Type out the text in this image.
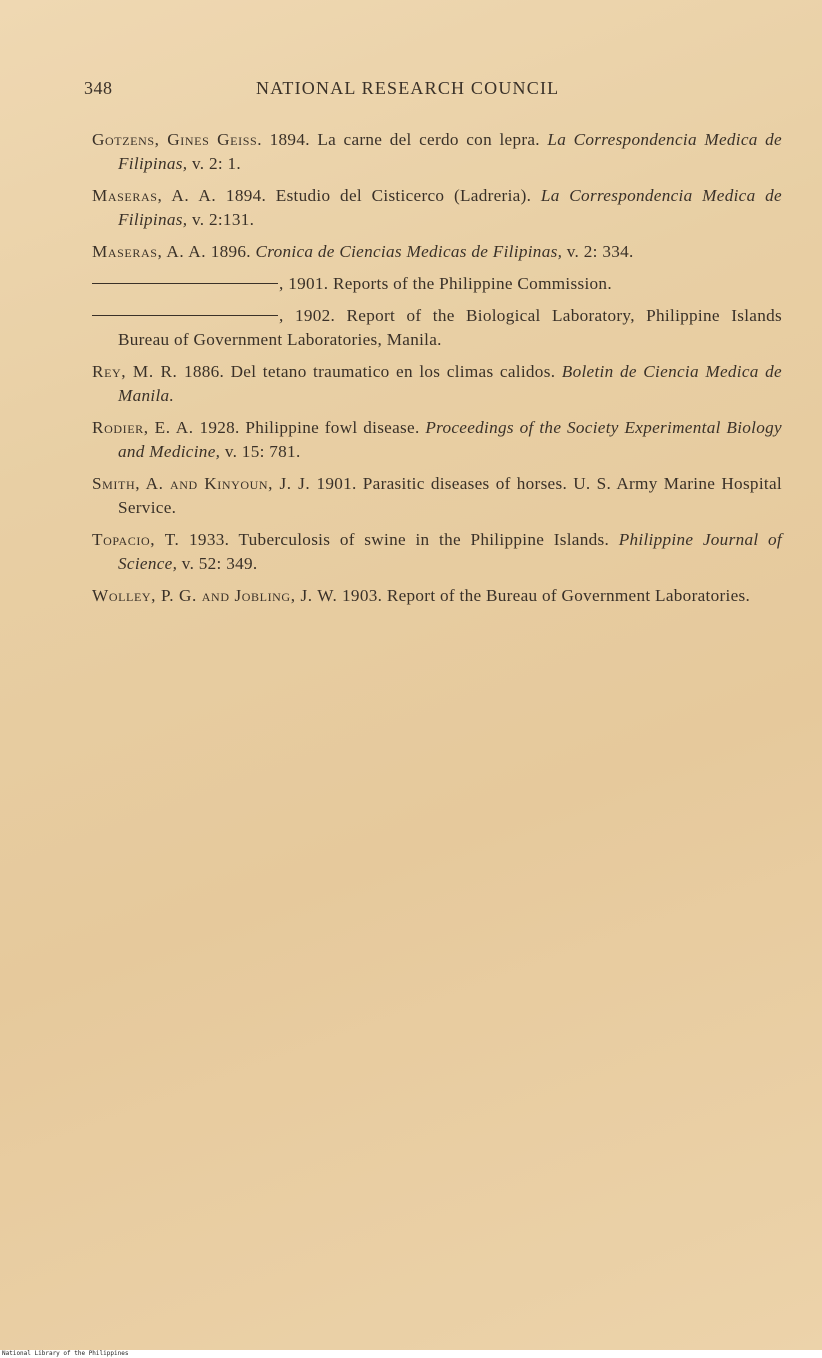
348	NATIONAL RESEARCH COUNCIL

Gotzens, Gines Geiss. 1894. La carne del cerdo con lepra. La Correspondencia Medica de Filipinas, v. 2: 1.

Maseras, A. A. 1894. Estudio del Cisticerco (Ladreria). La Correspondencia Medica de Filipinas, v. 2:131.

Maseras, A. A. 1896. Cronica de Ciencias Medicas de Filipinas, v. 2: 334.

, 1901. Reports of the Philippine Commission.

, 1902. Report of the Biological Laboratory, Philippine Islands Bureau of Government Laboratories, Manila.

Rey, M. R. 1886. Del tetano traumatico en los climas calidos. Boletin de Ciencia Medica de Manila.

Rodier, E. A. 1928. Philippine fowl disease. Proceedings of the Society Experimental Biology and Medicine, v. 15: 781.

Smith, A. and Kinyoun, J. J. 1901. Parasitic diseases of horses. U. S. Army Marine Hospital Service.

Topacio, T. 1933. Tuberculosis of swine in the Philippine Islands. Philippine Journal of Science, v. 52: 349.

Wolley, P. G. and Jobling, J. W. 1903. Report of the Bureau of Government Laboratories.

National Library of the Philippines
